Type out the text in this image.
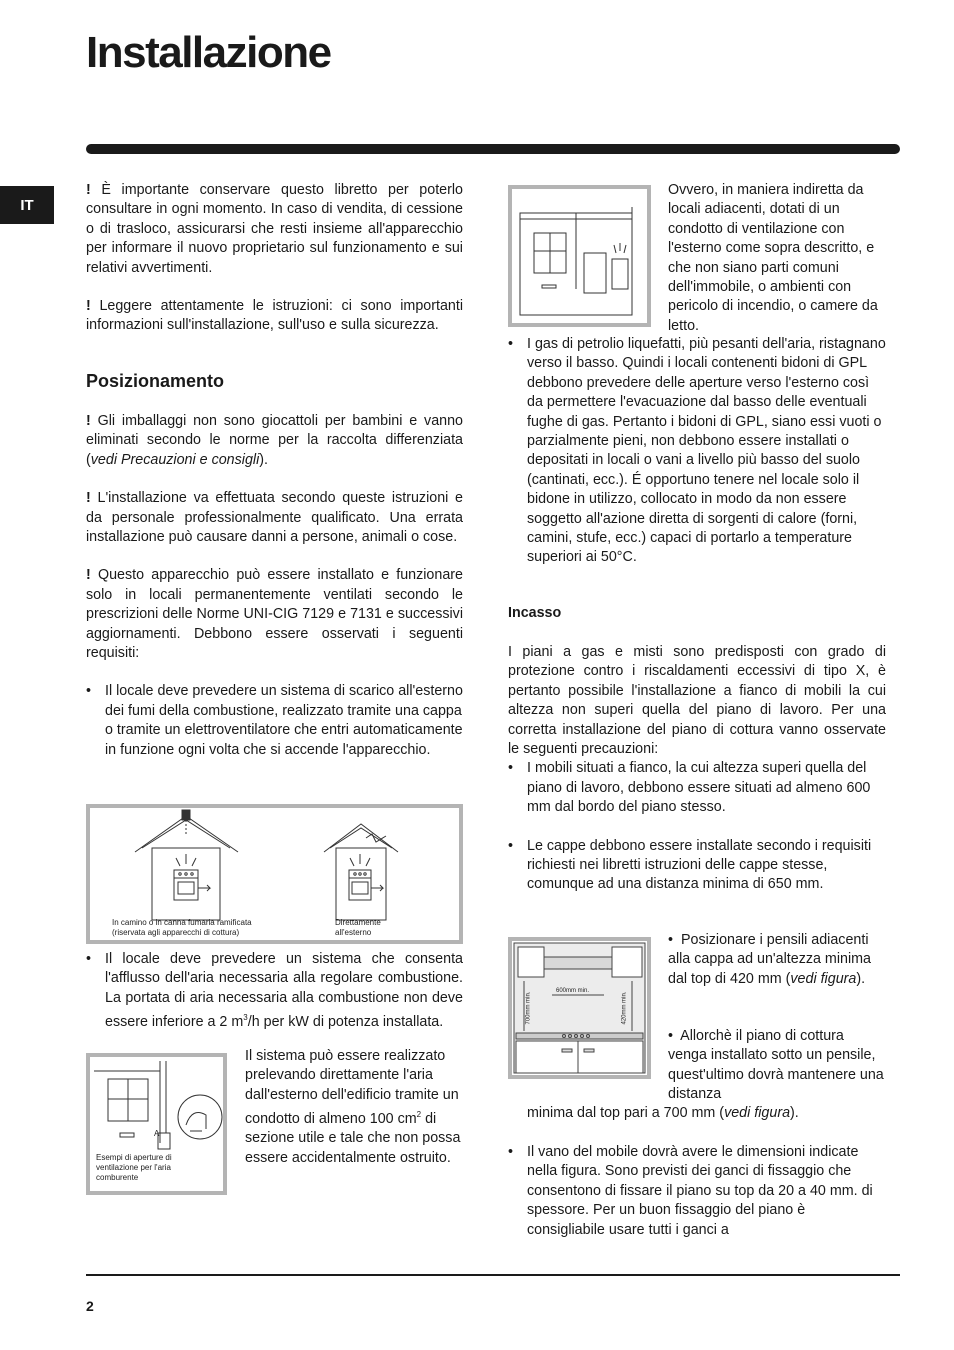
Installazione
IT

! È importante conservare questo libretto per poterlo consultare in ogni momento. In caso di vendita, di cessione o di trasloco, assicurarsi che resti insieme all'apparecchio per informare il nuovo proprietario sul funzionamento e sui relativi avvertimenti.

! Leggere attentamente le istruzioni: ci sono importanti informazioni sull'installazione, sull'uso e sulla sicurezza.

Posizionamento

! Gli imballaggi non sono giocattoli per bambini e vanno eliminati secondo le norme per la raccolta differenziata (vedi Precauzioni e consigli).

! L'installazione va effettuata secondo queste istruzioni e da personale professionalmente qualificato. Una errata installazione può causare danni a persone, animali o cose.

! Questo apparecchio può essere installato e funzionare solo in locali permanentemente ventilati secondo le prescrizioni delle Norme UNI-CIG 7129 e 7131 e successivi aggiornamenti. Debbono essere osservati i seguenti requisiti:

• Il locale deve prevedere un sistema di scarico all'esterno dei fumi della combustione, realizzato tramite una cappa o tramite un elettroventilatore che entri automaticamente in funzione ogni volta che si accende l'apparecchio.

In camino o in canna fumaria ramificata (riservata agli apparecchi di cottura)
Direttamente all'esterno

• Il locale deve prevedere un sistema che consenta l'afflusso dell'aria necessaria alla regolare combustione. La portata di aria necessaria alla combustione non deve essere inferiore a 2 $m^3/h$ per kW di potenza installata.

A
Esempi di aperture di ventilazione per l'aria comburente

Il sistema può essere realizzato prelevando direttamente l'aria dall'esterno dell'edificio tramite un condotto di almeno 100 $cm^2$ di sezione utile e tale che non possa essere accidentalmente ostruito.

Ovvero, in maniera indiretta da locali adiacenti, dotati di un condotto di ventilazione con l'esterno come sopra descritto, e che non siano parti comuni dell'immobile, o ambienti con pericolo di incendio, o camere da letto.

• I gas di petrolio liquefatti, più pesanti dell'aria, ristagnano verso il basso. Quindi i locali contenenti bidoni di GPL debbono prevedere delle aperture verso l'esterno così da permettere l'evacuazione dal basso delle eventuali fughe di gas. Pertanto i bidoni di GPL, siano essi vuoti o parzialmente pieni, non debbono essere installati o depositati in locali o vani a livello più basso del suolo (cantinati, ecc.). É opportuno tenere nel locale solo il bidone in utilizzo, collocato in modo da non essere soggetto all'azione diretta di sorgenti di calore (forni, camini, stufe, ecc.) capaci di portarlo a temperature superiori ai 50°C.

Incasso

I piani a gas e misti sono predisposti con grado di protezione contro i riscaldamenti eccessivi di tipo X, è pertanto possibile l'installazione a fianco di mobili la cui altezza non superi quella del piano di lavoro. Per una corretta installazione del piano di cottura vanno osservate le seguenti precauzioni:

• I mobili situati a fianco, la cui altezza superi quella del piano di lavoro, debbono essere situati ad almeno 600 mm dal bordo del piano stesso.

• Le cappe debbono essere installate secondo i requisiti richiesti nei libretti istruzioni delle cappe stesse, comunque ad una distanza minima di 650 mm.

600mm min.
700mm min.	420mm min.

•  Posizionare i pensili adiacenti alla cappa ad un'altezza minima dal top di 420 mm (vedi figura).

•  Allorchè il piano di cottura venga installato sotto un pensile, quest'ultimo dovrà mantenere una distanza

minima dal top pari a 700 mm (vedi figura).

• Il vano del mobile dovrà avere le dimensioni indicate nella figura. Sono previsti dei ganci di fissaggio che consentono di fissare il piano su top da 20 a 40 mm. di spessore. Per un buon fissaggio del piano è consigliabile usare tutti i ganci a

2
